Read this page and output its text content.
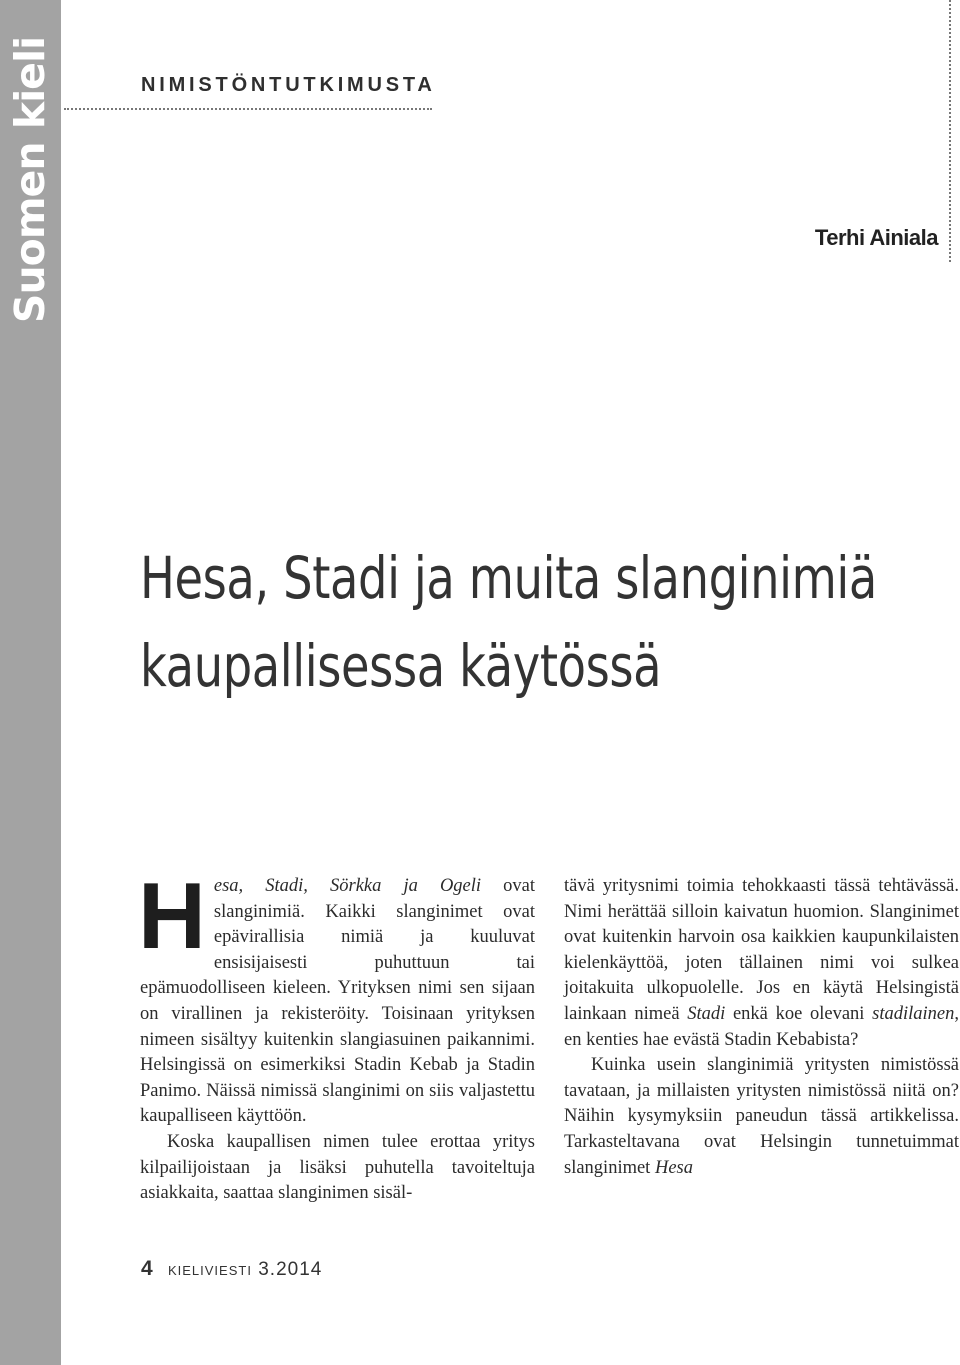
Suomen kieli	NIMISTÖNTUTKIMUSTA
Terhi Ainiala
Hesa, Stadi ja muita slanginimiä
kaupallisessa käytössä

Hesa, Stadi, Sörkka ja Ogeli ovat slanginimiä. Kaikki slanginimet ovat epävirallisia nimiä ja kuuluvat ensisijaisesti puhuttuun tai epämuodolliseen kieleen. Yrityksen nimi sen sijaan on virallinen ja rekisteröity. Toisinaan yrityksen nimeen sisältyy kuitenkin slangiasuinen paikannimi. Helsingissä on esimerkiksi Stadin Kebab ja Stadin Panimo. Näissä nimissä slanginimi on siis valjastettu kaupalliseen käyttöön.

Koska kaupallisen nimen tulee erottaa yritys kilpailijoistaan ja lisäksi puhutella tavoiteltuja asiakkaita, saattaa slanginimen sisäl-

tävä yritysnimi toimia tehokkaasti tässä tehtävässä. Nimi herättää silloin kaivatun huomion. Slanginimet ovat kuitenkin harvoin osa kaikkien kaupunkilaisten kielenkäyttöä, joten tällainen nimi voi sulkea joitakuita ulkopuolelle. Jos en käytä Helsingistä lainkaan nimeä Stadi enkä koe olevani stadilainen, en kenties hae evästä Stadin Kebabista?

Kuinka usein slanginimiä yritysten nimistössä tavataan, ja millaisten yritysten nimistössä niitä on? Näihin kysymyksiin paneudun tässä artikkelissa. Tarkasteltavana ovat Helsingin tunnetuimmat slanginimet Hesa

4 kieliviesti 3.2014
